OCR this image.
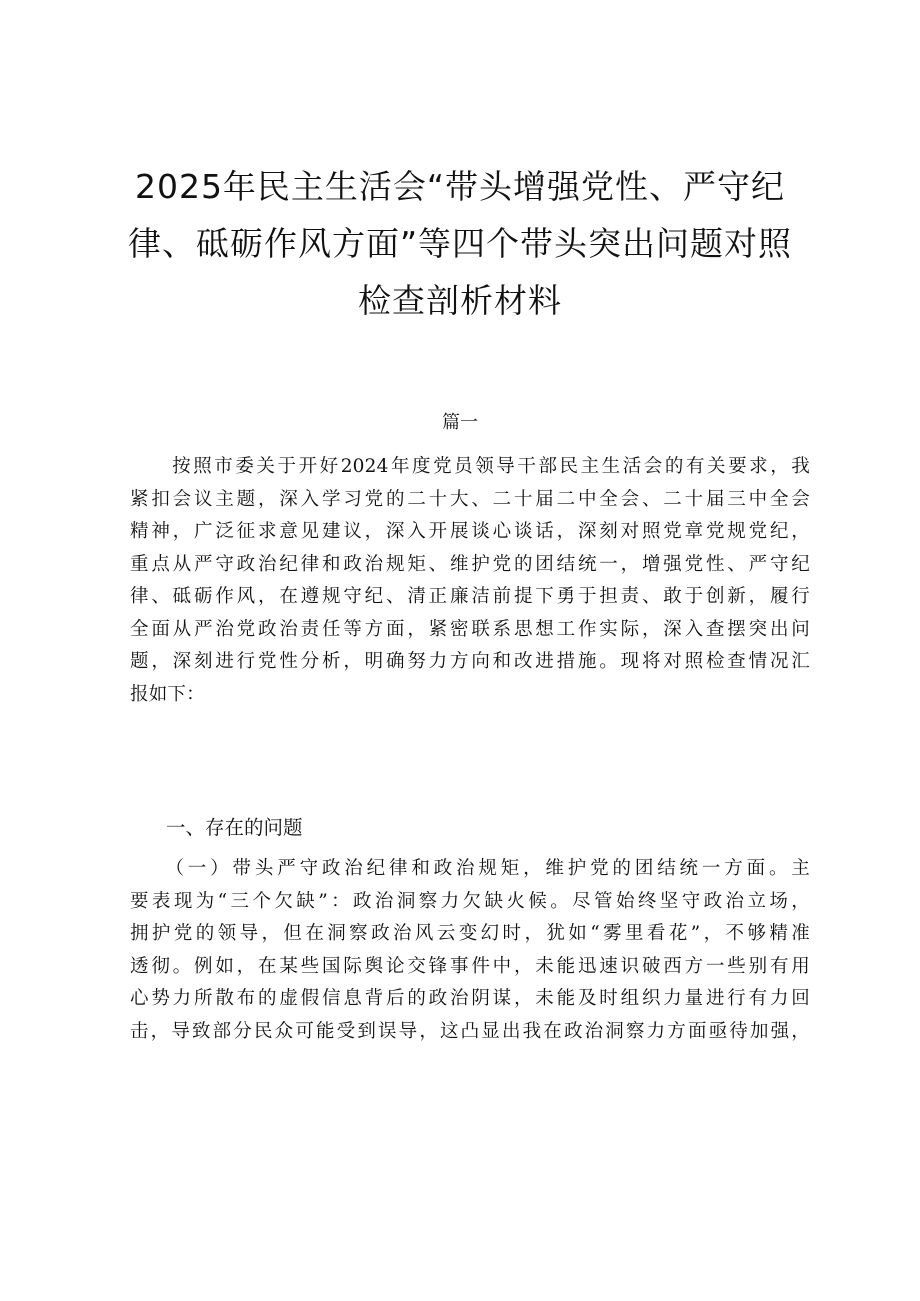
2025年民主生活会“带头增强党性、严守纪
律、砥砺作风方面”等四个带头突出问题对照
检查剖析材料
篇一
　　按照市委关于开好2024年度党员领导干部民主生活会的有关要求，我
紧扣会议主题，深入学习党的二十大、二十届二中全会、二十届三中全会
精神，广泛征求意见建议，深入开展谈心谈话，深刻对照党章党规党纪，
重点从严守政治纪律和政治规矩、维护党的团结统一，增强党性、严守纪
律、砥砺作风，在遵规守纪、清正廉洁前提下勇于担责、敢于创新，履行
全面从严治党政治责任等方面，紧密联系思想工作实际，深入查摆突出问
题，深刻进行党性分析，明确努力方向和改进措施。现将对照检查情况汇
报如下：
一、存在的问题
　　（一）带头严守政治纪律和政治规矩，维护党的团结统一方面。主
要表现为“三个欠缺”：政治洞察力欠缺火候。尽管始终坚守政治立场，
拥护党的领导，但在洞察政治风云变幻时，犹如“雾里看花”，不够精准
透彻。例如，在某些国际舆论交锋事件中，未能迅速识破西方一些别有用
心势力所散布的虚假信息背后的政治阴谋，未能及时组织力量进行有力回
击，导致部分民众可能受到误导，这凸显出我在政治洞察力方面亟待加强，
